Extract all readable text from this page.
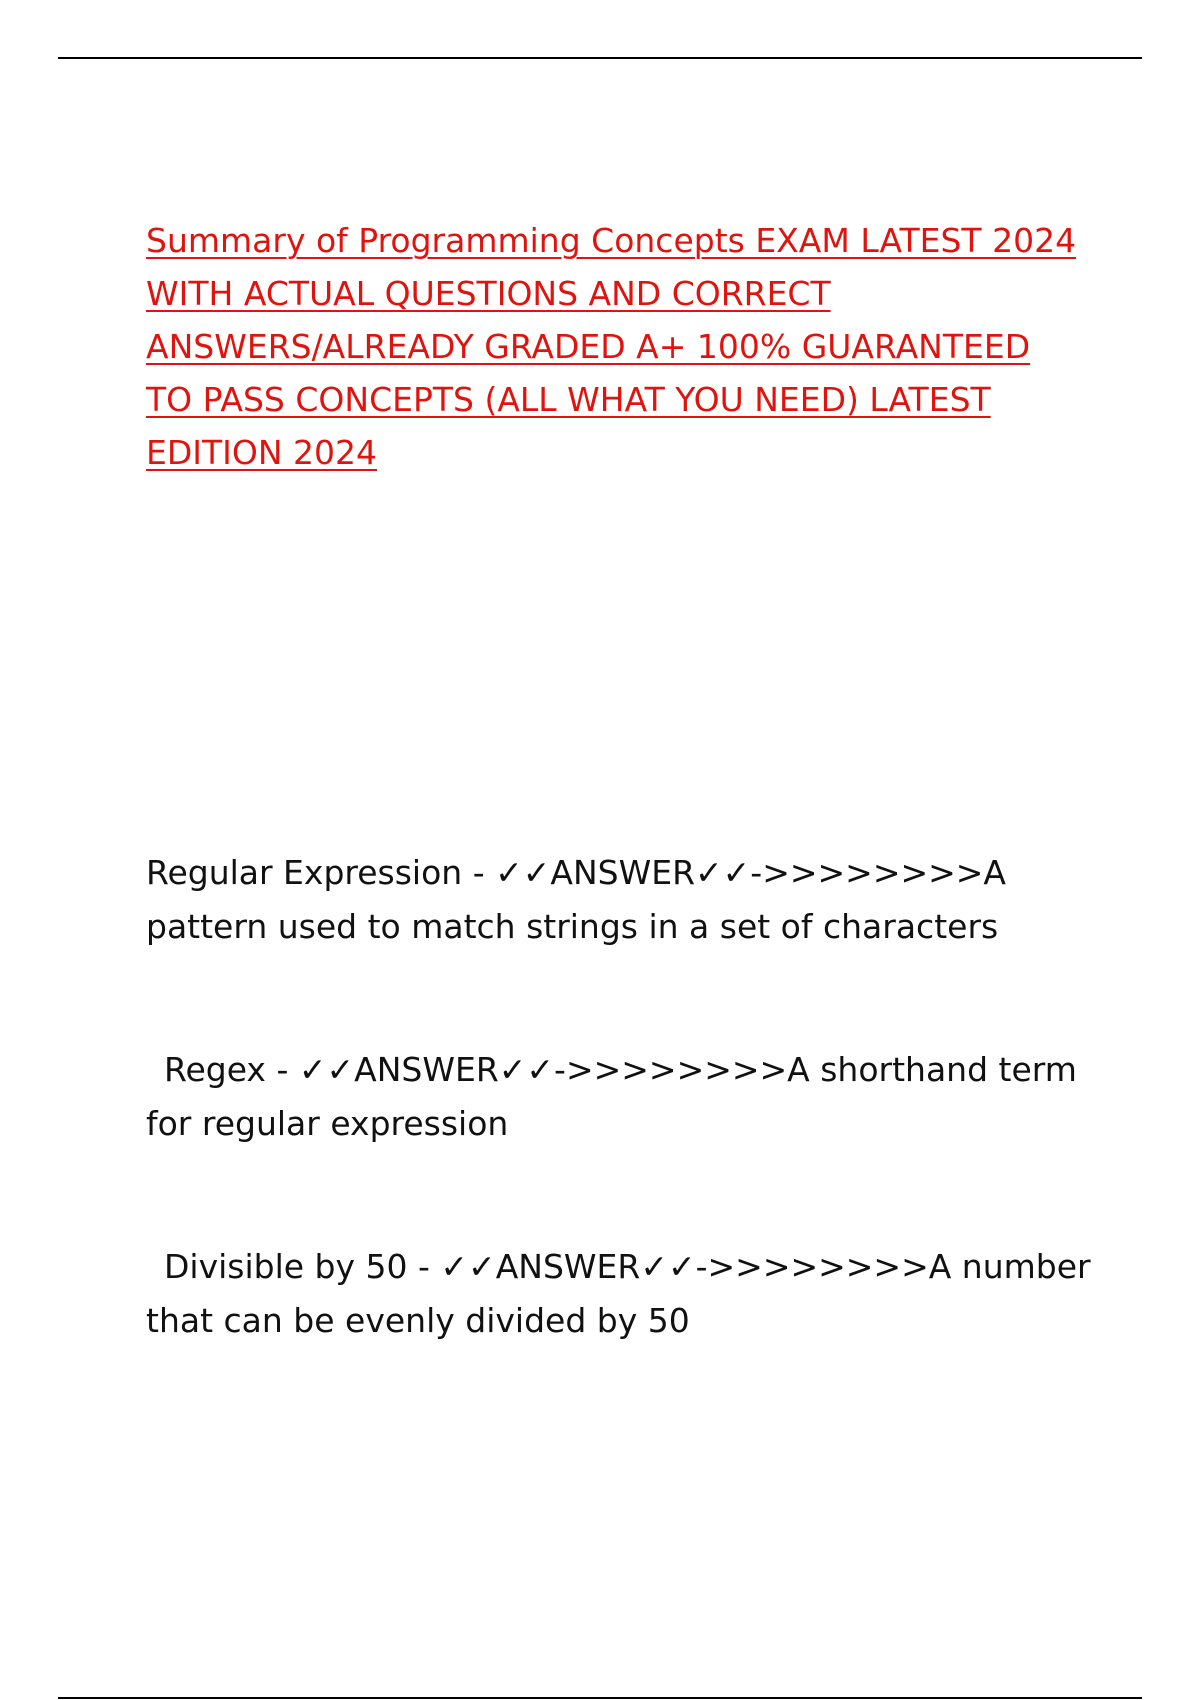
Summary of Programming Concepts EXAM LATEST 2024 WITH ACTUAL QUESTIONS AND CORRECT ANSWERS/ALREADY GRADED A+ 100% GUARANTEED TO PASS CONCEPTS (ALL WHAT YOU NEED) LATEST EDITION 2024

Regular Expression - ✓✓ANSWER✓✓->>>>>>>>A pattern used to match strings in a set of characters

Regex - ✓✓ANSWER✓✓->>>>>>>>A shorthand term for regular expression

Divisible by 50 - ✓✓ANSWER✓✓->>>>>>>>A number that can be evenly divided by 50
